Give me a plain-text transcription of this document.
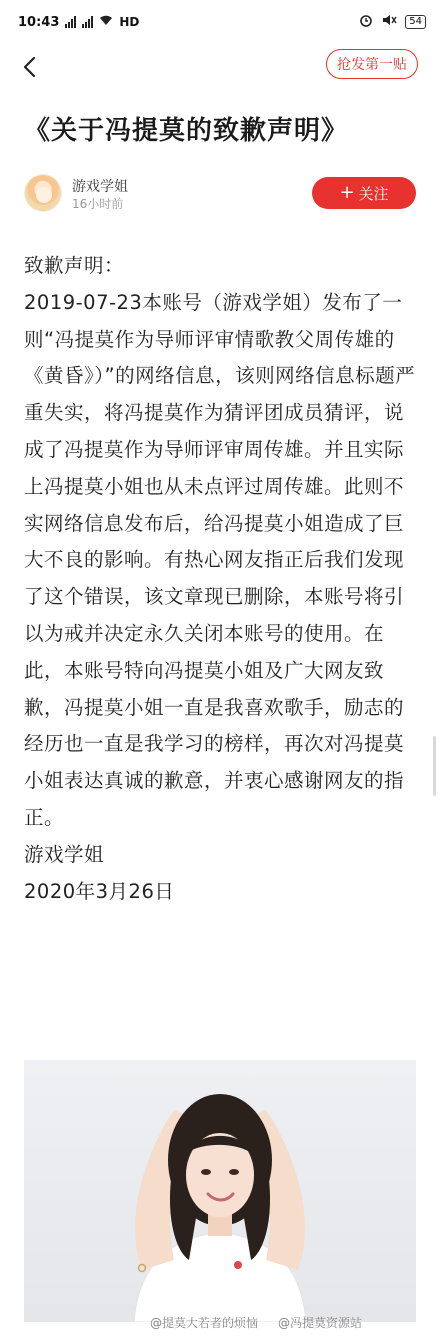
10:43	HD	54
抢发第一贴
《关于冯提莫的致歉声明》
游戏学姐
16小时前
+ 关注

致歉声明：

2019-07-23本账号（游戏学姐）发布了一则“冯提莫作为导师评审情歌教父周传雄的《黄昏》）”的网络信息，该则网络信息标题严重失实，将冯提莫作为猜评团成员猜评，说成了冯提莫作为导师评审周传雄。并且实际上冯提莫小姐也从未点评过周传雄。此则不实网络信息发布后，给冯提莫小姐造成了巨大不良的影响。有热心网友指正后我们发现了这个错误，该文章现已删除，本账号将引以为戒并决定永久关闭本账号的使用。在此，本账号特向冯提莫小姐及广大网友致歉，冯提莫小姐一直是我喜欢歌手，励志的经历也一直是我学习的榜样，再次对冯提莫小姐表达真诚的歉意，并衷心感谢网友的指正。

游戏学姐

2020年3月26日

@提莫大若者的烦恼 @冯提莫资源站
